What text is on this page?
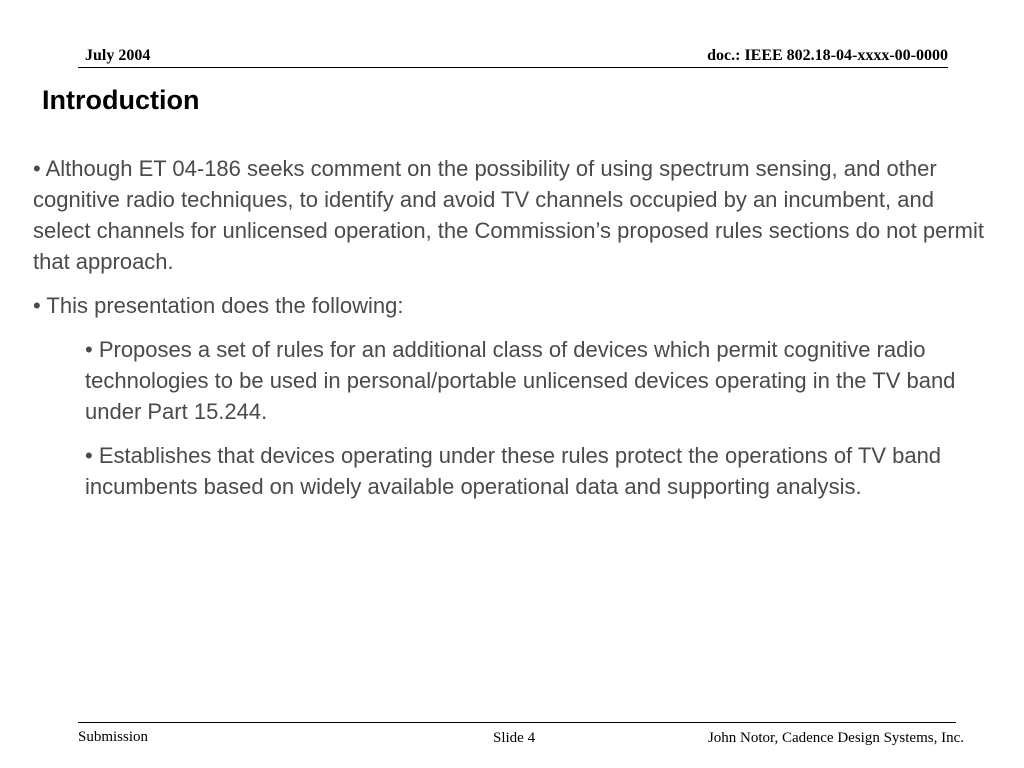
July 2004	doc.: IEEE 802.18-04-xxxx-00-0000
Introduction

• Although ET 04-186 seeks comment on the possibility of using spectrum sensing, and other cognitive radio techniques, to identify and avoid TV channels occupied by an incumbent, and select channels for unlicensed operation, the Commission’s proposed rules sections do not permit that approach.

• This presentation does the following:

• Proposes a set of rules for an additional class of devices which permit cognitive radio technologies to be used in personal/portable unlicensed devices operating in the TV band under Part 15.244.

• Establishes that devices operating under these rules protect the operations of TV band incumbents based on widely available operational data and supporting analysis.

Submission	Slide 4	John Notor, Cadence Design Systems, Inc.
